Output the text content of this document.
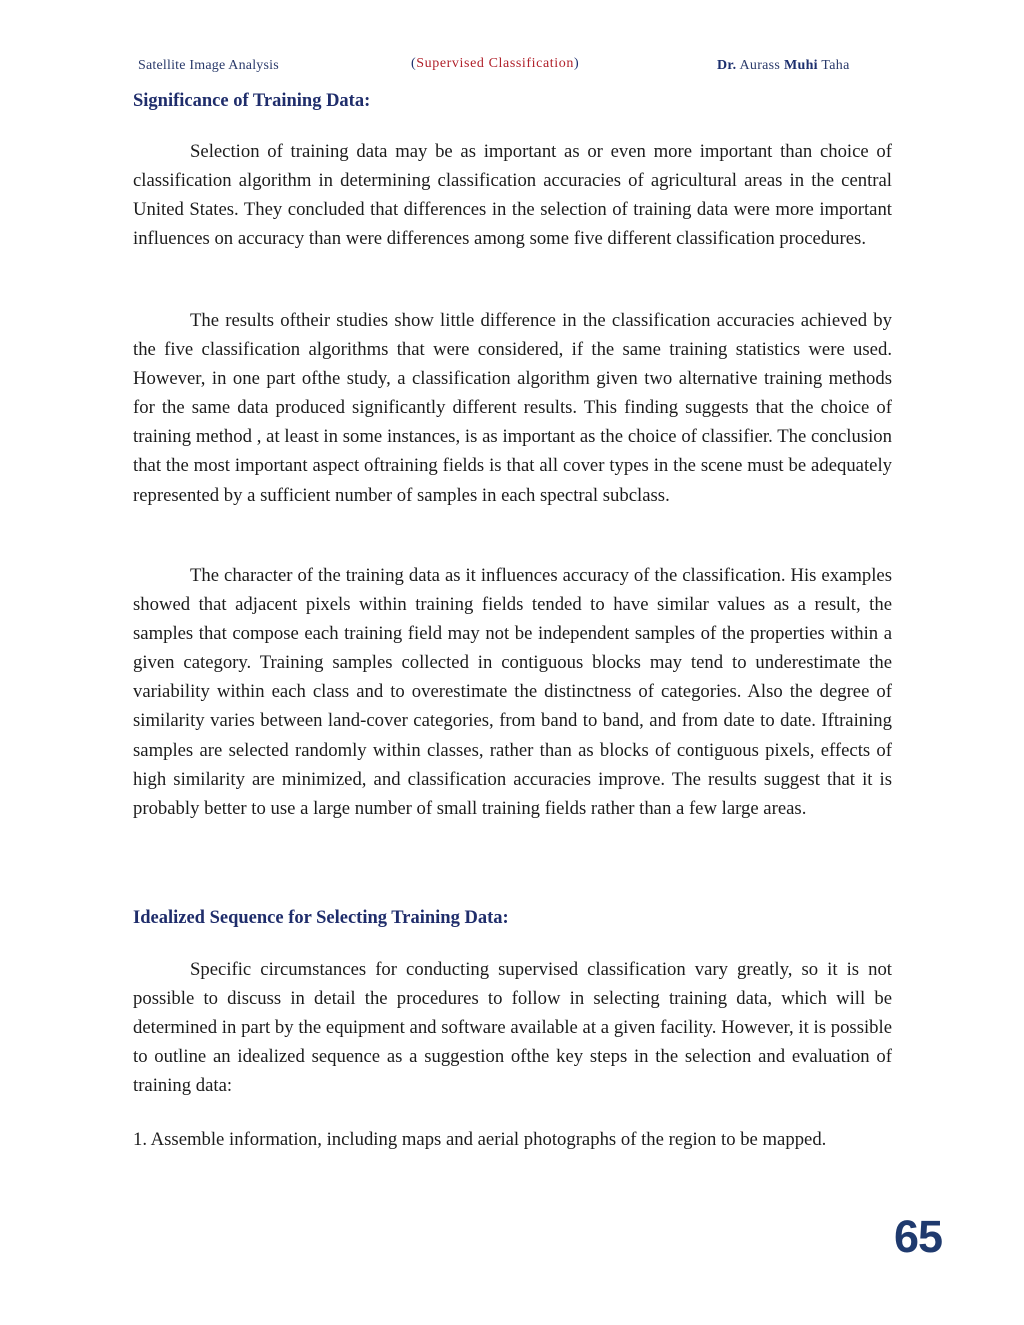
Satellite Image Analysis	(Supervised Classification)	Dr. Aurass Muhi Taha
Significance of Training Data:

Selection of training data may be as important as or even more important than choice of classification algorithm in determining classification accuracies of agricultural areas in the central United States. They concluded that differences in the selection of training data were more important influences on accuracy than were differences among some five different classification procedures.

The results oftheir studies show little difference in the classification accuracies achieved by the five classification algorithms that were considered, if the same training statistics were used. However, in one part ofthe study, a classification algorithm given two alternative training methods for the same data produced significantly different results. This finding suggests that the choice of training method , at least in some instances, is as important as the choice of classifier. The conclusion that the most important aspect oftraining fields is that all cover types in the scene must be adequately represented by a sufficient number of samples in each spectral subclass.

The character of the training data as it influences accuracy of the classification. His examples showed that adjacent pixels within training fields tended to have similar values as a result, the samples that compose each training field may not be independent samples of the properties within a given category. Training samples collected in contiguous blocks may tend to underestimate the variability within each class and to overestimate the distinctness of categories. Also the degree of similarity varies between land-cover categories, from band to band, and from date to date. Iftraining samples are selected randomly within classes, rather than as blocks of contiguous pixels, effects of high similarity are minimized, and classification accuracies improve. The results suggest that it is probably better to use a large number of small training fields rather than a few large areas.

Idealized Sequence for Selecting Training Data:

Specific circumstances for conducting supervised classification vary greatly, so it is not possible to discuss in detail the procedures to follow in selecting training data, which will be determined in part by the equipment and software available at a given facility. However, it is possible to outline an idealized sequence as a suggestion ofthe key steps in the selection and evaluation of training data:

1. Assemble information, including maps and aerial photographs of the region to be mapped.

65
